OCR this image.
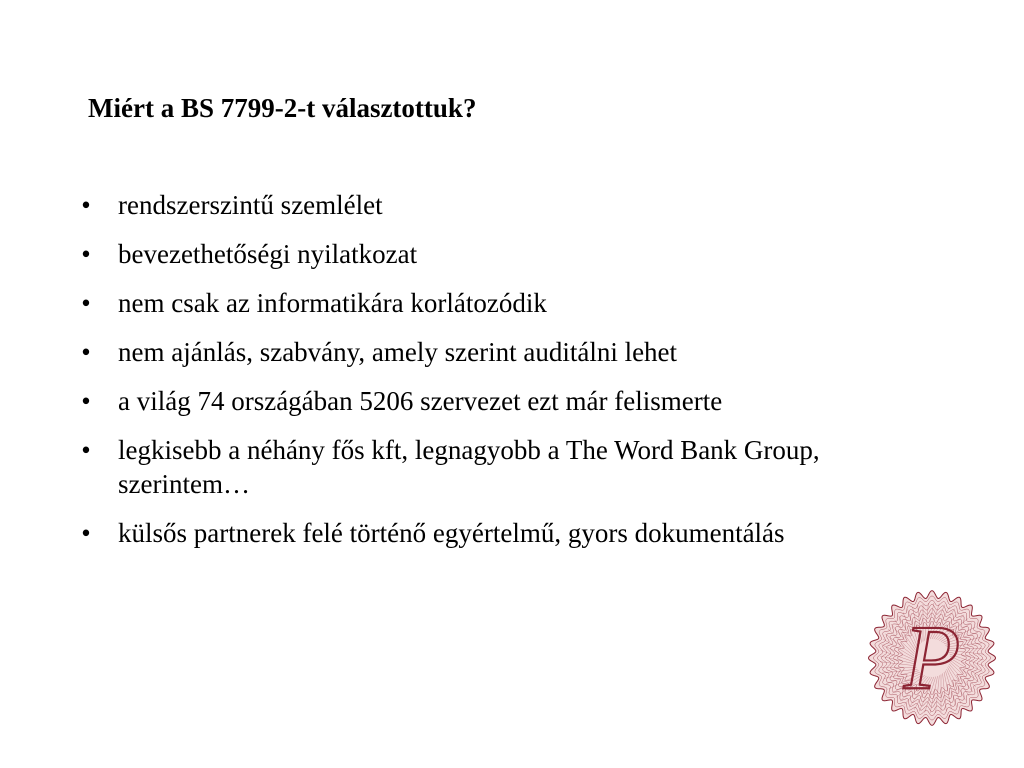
Miért a BS 7799-2-t választottuk?
• rendszerszintű szemlélet
• bevezethetőségi nyilatkozat
• nem csak az informatikára korlátozódik
• nem ajánlás, szabvány, amely szerint auditálni lehet
• a világ 74 országában 5206 szervezet ezt már felismerte
• legkisebb a néhány fős kft, legnagyobb a The Word Bank Group, szerintem…
• külsős partnerek felé történő egyértelmű, gyors dokumentálás
P
